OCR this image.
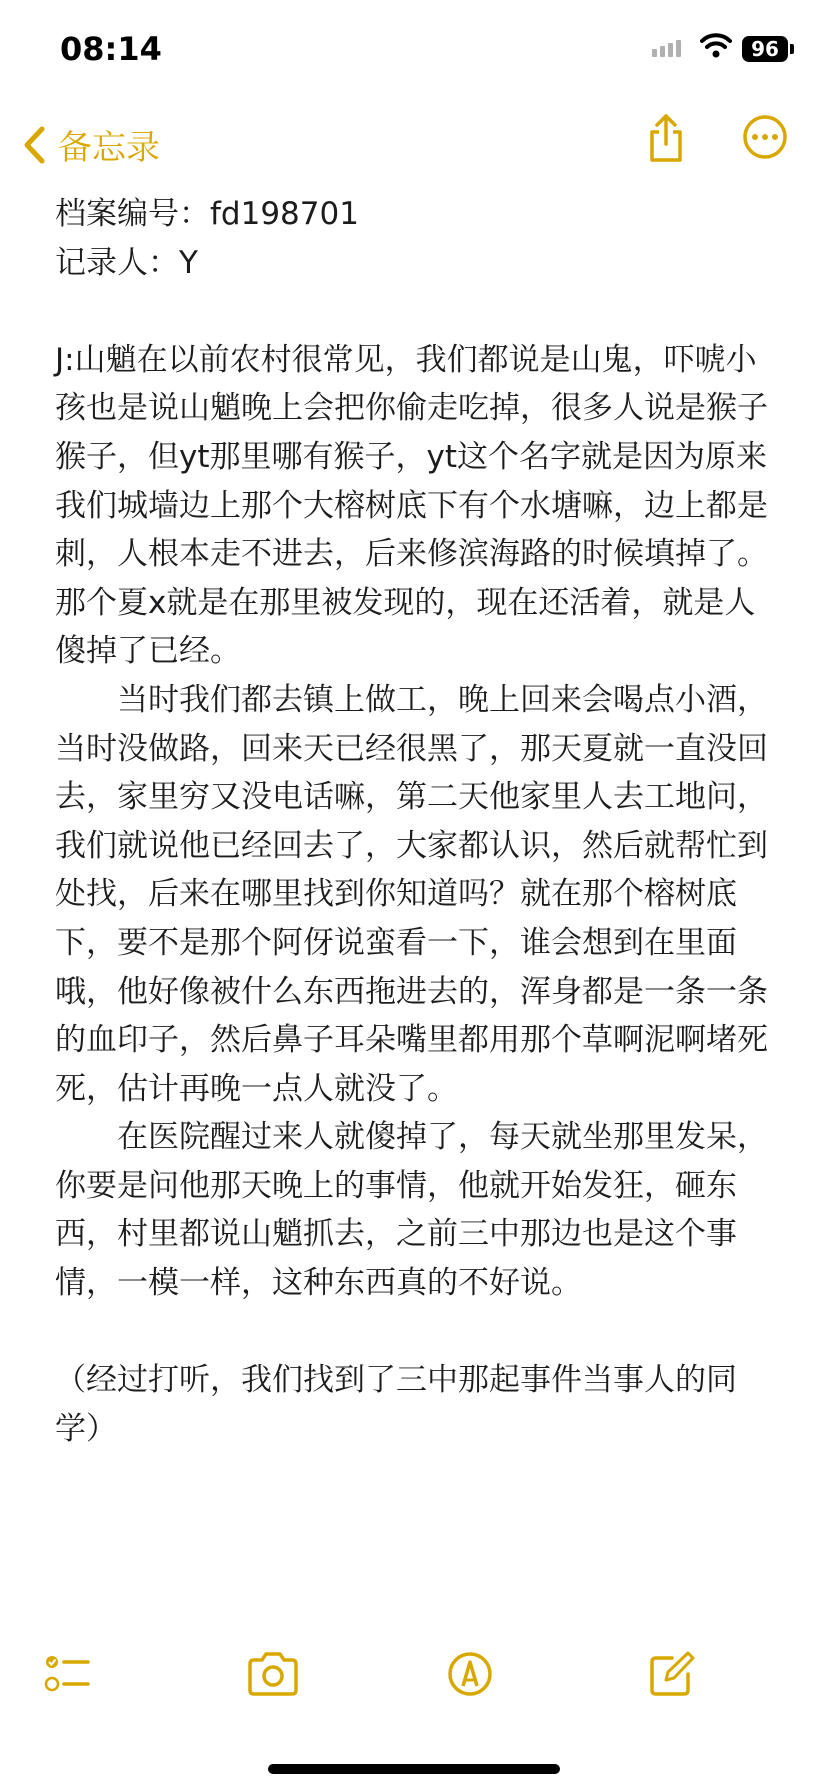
08:14	96
备忘录

档案编号：fd198701

记录人：Y

J:山魈在以前农村很常见，我们都说是山鬼，吓唬小孩也是说山魈晚上会把你偷走吃掉，很多人说是猴子猴子，但yt那里哪有猴子，yt这个名字就是因为原来我们城墙边上那个大榕树底下有个水塘嘛，边上都是刺，人根本走不进去，后来修滨海路的时候填掉了。那个夏x就是在那里被发现的，现在还活着，就是人傻掉了已经。

当时我们都去镇上做工，晚上回来会喝点小酒，当时没做路，回来天已经很黑了，那天夏就一直没回去，家里穷又没电话嘛，第二天他家里人去工地问，我们就说他已经回去了，大家都认识，然后就帮忙到处找，后来在哪里找到你知道吗？就在那个榕树底下，要不是那个阿伢说蛮看一下，谁会想到在里面哦，他好像被什么东西拖进去的，浑身都是一条一条的血印子，然后鼻子耳朵嘴里都用那个草啊泥啊堵死死，估计再晚一点人就没了。

在医院醒过来人就傻掉了，每天就坐那里发呆，你要是问他那天晚上的事情，他就开始发狂，砸东西，村里都说山魈抓去，之前三中那边也是这个事情，一模一样，这种东西真的不好说。

（经过打听，我们找到了三中那起事件当事人的同学）
